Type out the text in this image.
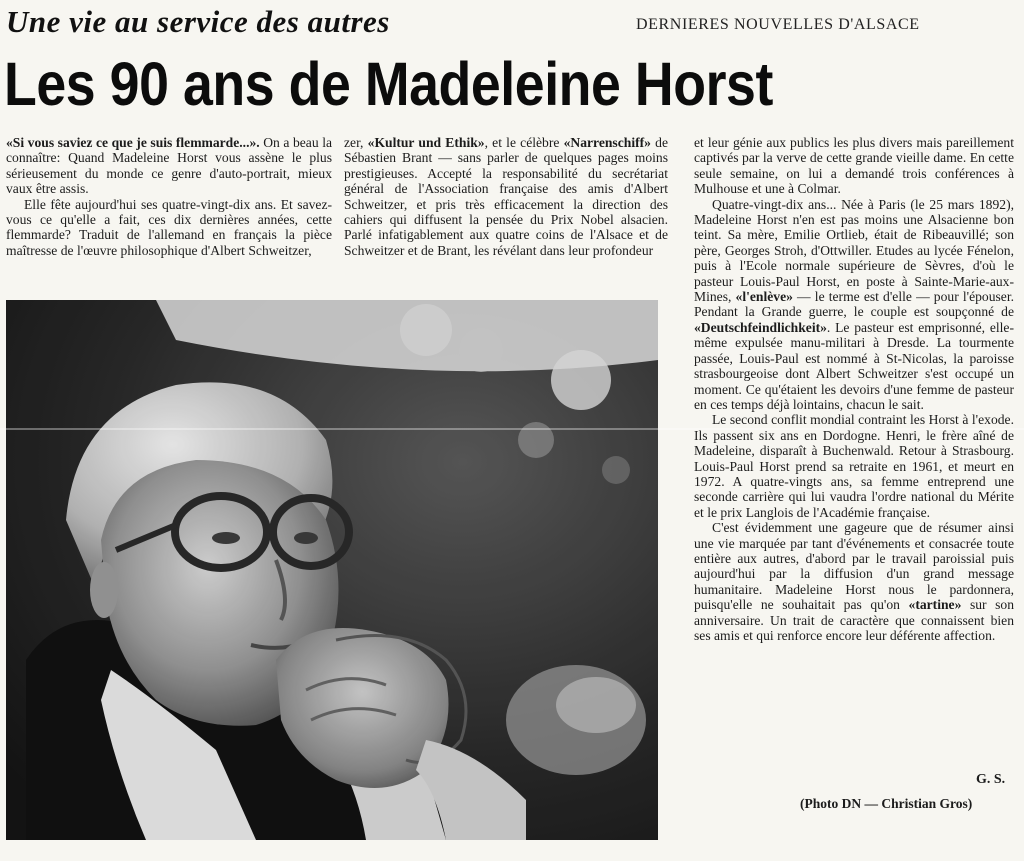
Une vie au service des autres	DERNIERES NOUVELLES D'ALSACE
Les 90 ans de Madeleine Horst

«Si vous saviez ce que je suis flemmarde...». On a beau la connaître: Quand Madeleine Horst vous assène le plus sérieusement du monde ce genre d'auto-portrait, mieux vaux être assis.

Elle fête aujourd'hui ses quatre-vingt-dix ans. Et savez-vous ce qu'elle a fait, ces dix dernières années, cette flemmarde? Traduit de l'allemand en français la pièce maîtresse de l'œuvre philosophique d'Albert Schweitzer,

zer, «Kultur und Ethik», et le célèbre «Narrenschiff» de Sébastien Brant — sans parler de quelques pages moins prestigieuses. Accepté la responsabilité du secrétariat général de l'Association française des amis d'Albert Schweitzer, et pris très efficacement la direction des cahiers qui diffusent la pensée du Prix Nobel alsacien. Parlé infatigablement aux quatre coins de l'Alsace et de Schweitzer et de Brant, les révélant dans leur profondeur

et leur génie aux publics les plus divers mais pareillement captivés par la verve de cette grande vieille dame. En cette seule semaine, on lui a demandé trois conférences à Mulhouse et une à Colmar.

Quatre-vingt-dix ans... Née à Paris (le 25 mars 1892), Madeleine Horst n'en est pas moins une Alsacienne bon teint. Sa mère, Emilie Ortlieb, était de Ribeauvillé; son père, Georges Stroh, d'Ottwiller. Etudes au lycée Fénelon, puis à l'Ecole normale supérieure de Sèvres, d'où le pasteur Louis-Paul Horst, en poste à Sainte-Marie-aux-Mines, «l'enlève» — le terme est d'elle — pour l'épouser. Pendant la Grande guerre, le couple est soupçonné de «Deutschfeindlichkeit». Le pasteur est emprisonné, elle-même expulsée manu-militari à Dresde. La tourmente passée, Louis-Paul est nommé à St-Nicolas, la paroisse strasbourgeoise dont Albert Schweitzer s'est occupé un moment. Ce qu'étaient les devoirs d'une femme de pasteur en ces temps déjà lointains, chacun le sait.

Le second conflit mondial contraint les Horst à l'exode. Ils passent six ans en Dordogne. Henri, le frère aîné de Madeleine, disparaît à Buchenwald. Retour à Strasbourg. Louis-Paul Horst prend sa retraite en 1961, et meurt en 1972. A quatre-vingts ans, sa femme entreprend une seconde carrière qui lui vaudra l'ordre national du Mérite et le prix Langlois de l'Académie française.

C'est évidemment une gageure que de résumer ainsi une vie marquée par tant d'événements et consacrée toute entière aux autres, d'abord par le travail paroissial puis aujourd'hui par la diffusion d'un grand message humanitaire. Madeleine Horst nous le pardonnera, puisqu'elle ne souhaitait pas qu'on «tartine» sur son anniversaire. Un trait de caractère que connaissent bien ses amis et qui renforce encore leur déférente affection.

G. S.
(Photo DN — Christian Gros)
